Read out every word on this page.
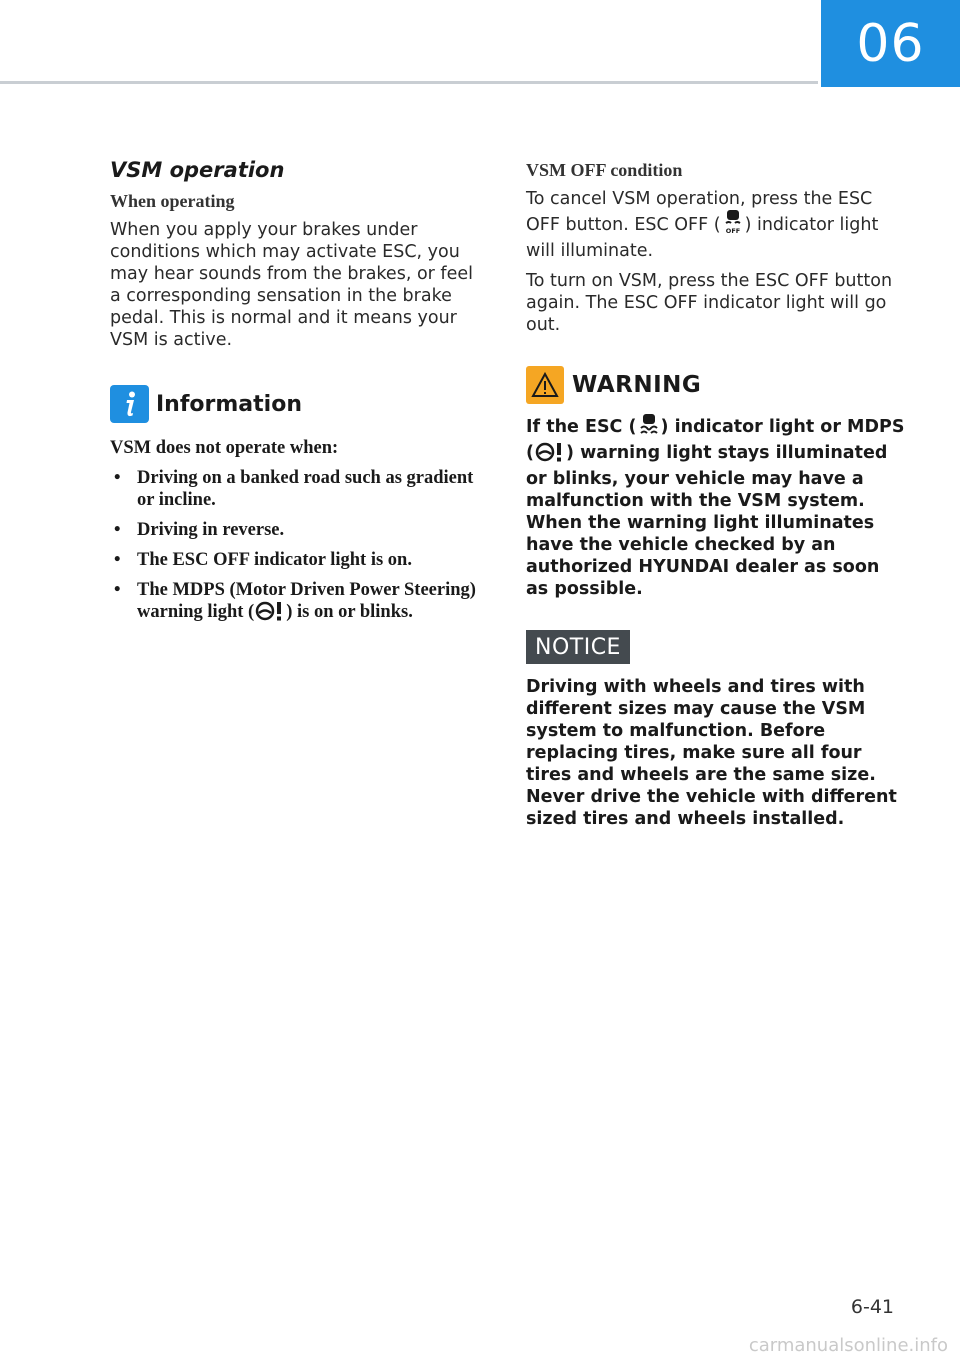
06
VSM operation
When operating

When you apply your brakes under conditions which may activate ESC, you may hear sounds from the brakes, or feel a corresponding sensation in the brake pedal. This is normal and it means your VSM is active.

Information
VSM does not operate when:
• Driving on a banked road such as gradient or incline.
• Driving in reverse.
• The ESC OFF indicator light is on.
• The MDPS (Motor Driven Power Steering) warning light ( ) is on or blinks.
VSM OFF condition

To cancel VSM operation, press the ESC OFF button. ESC OFF ( OFF ) indicator light will illuminate.

To turn on VSM, press the ESC OFF button again. The ESC OFF indicator light will go out.

WARNING

If the ESC ( ) indicator light or MDPS ( ) warning light stays illuminated or blinks, your vehicle may have a malfunction with the VSM system. When the warning light illuminates have the vehicle checked by an authorized HYUNDAI dealer as soon as possible.

NOTICE

Driving with wheels and tires with different sizes may cause the VSM system to malfunction. Before replacing tires, make sure all four tires and wheels are the same size. Never drive the vehicle with different sized tires and wheels installed.

6-41
carmanualsonline.info
